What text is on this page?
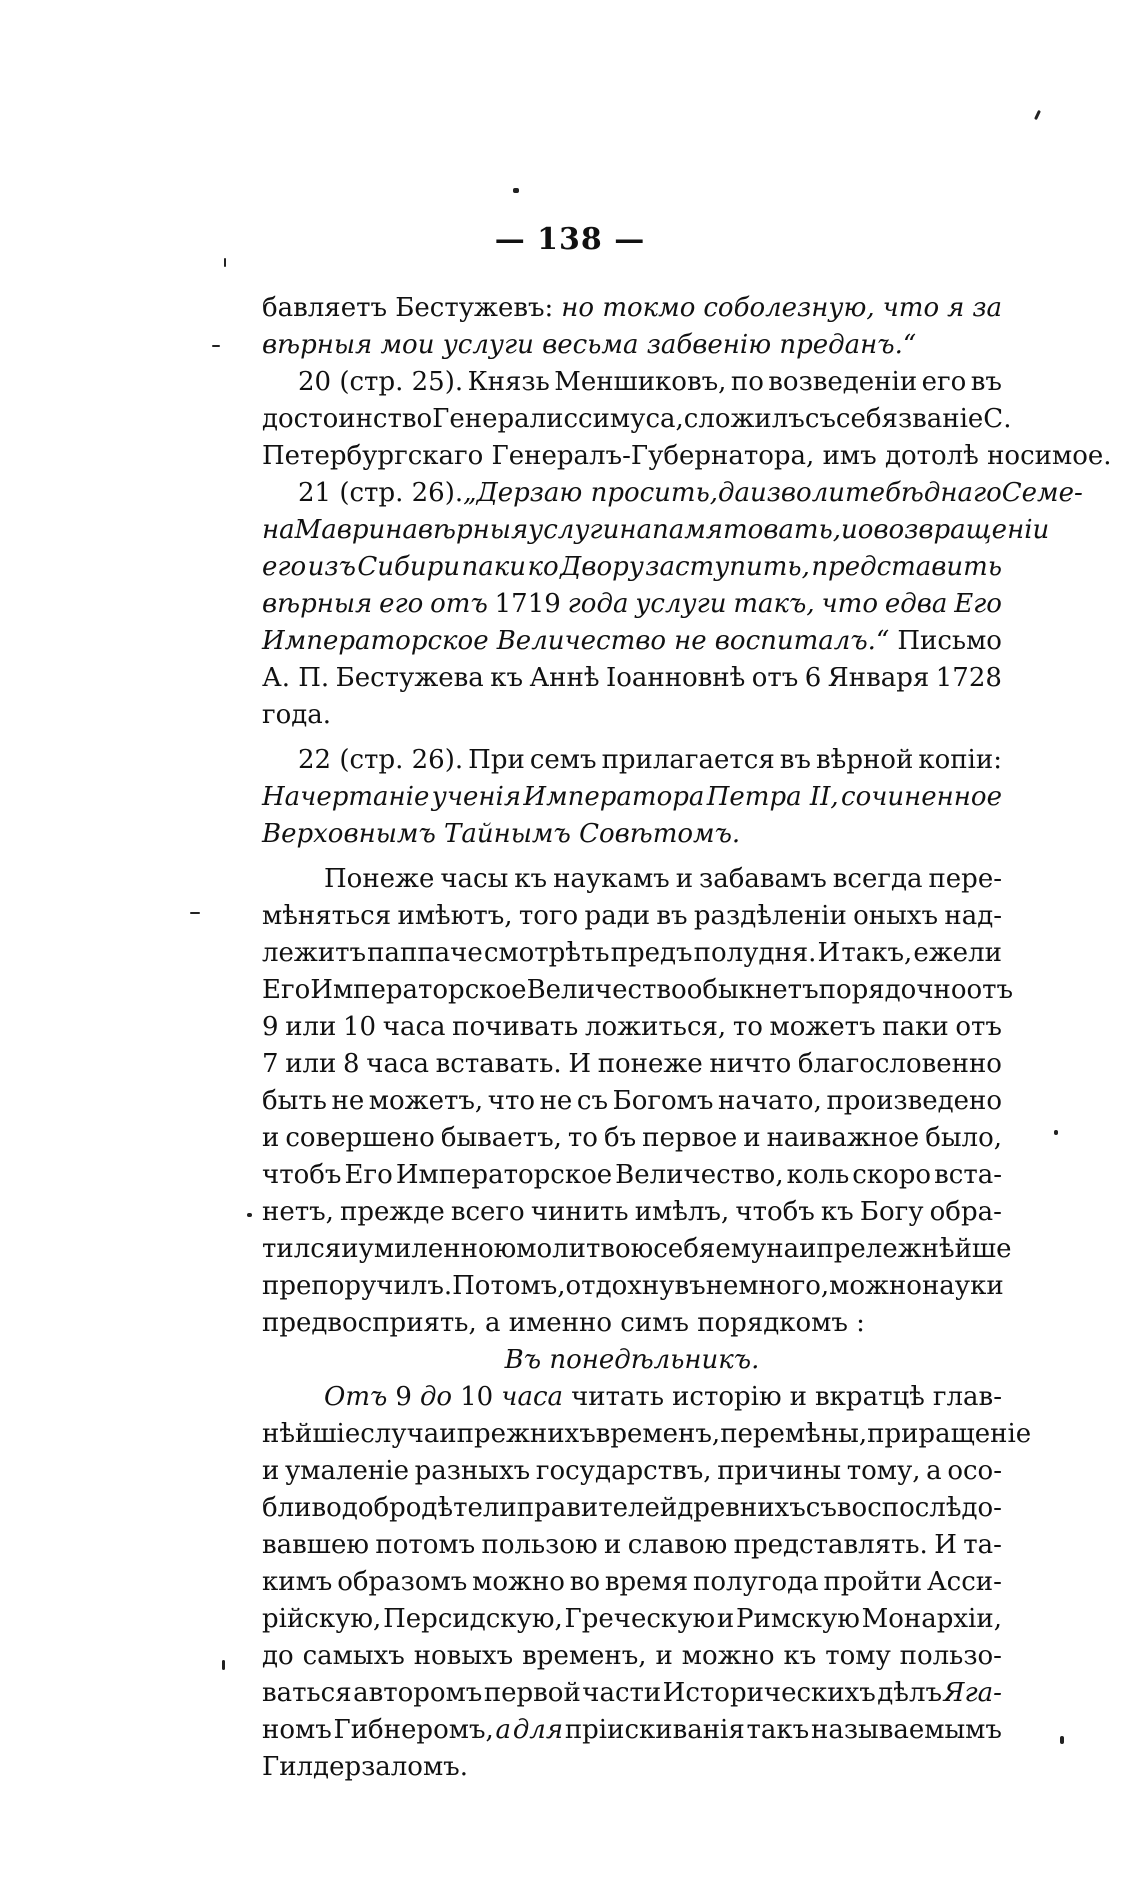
— 138 —
бавляетъ Бестужевъ: но токмо соболезную, что я за
вѣрныя мои услуги весьма забвенію преданъ.“
20 (стр. 25). Князь Меншиковъ, по возведеніи его въ
достоинство Генералиссимуса, сложилъ съ себя званіе С.
Петербургскаго Генералъ-Губернатора, имъ дотолѣ носимое.
21 (стр. 26). „Дерзаю просить, да изволите бѣднаго Семе-
на Маврина вѣрныя услуги напамятовать, и о возвращеніи
его изъ Сибири паки ко Двору заступить, представить
вѣрныя его отъ 1719 года услуги такъ, что едва Его
Императорское Величество не воспиталъ.“ Письмо
А. П. Бестужева къ Аннѣ Іоанновнѣ отъ 6 Января 1728
года.
22 (стр. 26). При семъ прилагается въ вѣрной копіи:
Начертаніе ученія Императора Петра II, сочиненное
Верховнымъ Тайнымъ Совѣтомъ.
Понеже часы къ наукамъ и забавамъ всегда пере-
мѣняться имѣютъ, того ради въ раздѣленіи оныхъ над-
лежитъ паппаче смотрѣть предъ полудня. И такъ, ежели
Его Императорское Величество обыкнетъ порядочно отъ
9 или 10 часа почивать ложиться, то можетъ паки отъ
7 или 8 часа вставать. И понеже ничто благословенно
быть не можетъ, что не съ Богомъ начато, произведено
и совершено бываетъ, то бъ первое и наиважное было,
чтобъ Его Императорское Величество, коль скоро вста-
нетъ, прежде всего чинить имѣлъ, чтобъ къ Богу обра-
тился и умиленною молитвою себя ему наипрележнѣйше
препоручилъ. Потомъ, отдохнувъ не много, можно науки
предвосприять, а именно симъ порядкомъ :
Въ понедѣльникъ.
Отъ 9 до 10 часа читать исторію и вкратцѣ глав-
нѣйшіе случаи прежнихъ временъ, перемѣны, приращеніе
и умаленіе разныхъ государствъ, причины тому, а осо-
бливо добродѣтели правителей древнихъ съ воспослѣдо-
вавшею потомъ пользою и славою представлять. И та-
кимъ образомъ можно во время полугода пройти Асси-
рійскую, Персидскую, Греческую и Римскую Монархіи,
до самыхъ новыхъ временъ, и можно къ тому пользо-
ваться авторомъ первой части Историческихъ дѣлъ Яга-
номъ Гибнеромъ, а для пріискиванія такъ называемымъ
Гилдерзаломъ.
